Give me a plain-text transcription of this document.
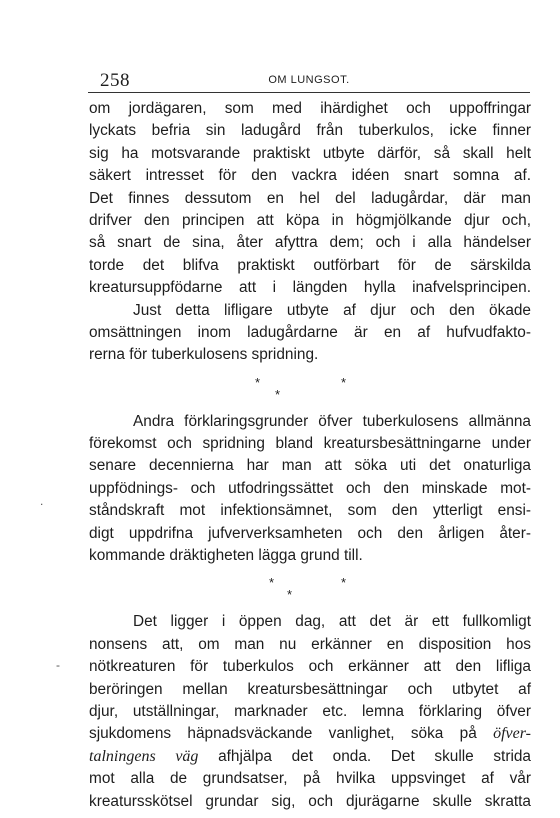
258	OM LUNGSOT.
.
-
om jordägaren, som med ihärdighet och uppoffringar
lyckats befria sin ladugård från tuberkulos, icke finner
sig ha motsvarande praktiskt utbyte därför, så skall helt
säkert intresset för den vackra idéen snart somna af.
Det finnes dessutom en hel del ladugårdar, där man
drifver den principen att köpa in högmjölkande djur och,
så snart de sina, åter afyttra dem; och i alla händelser
torde det blifva praktiskt outförbart för de särskilda
kreatursuppfödarne att i längden hylla inafvelsprincipen.
Just detta lifligare utbyte af djur och den ökade
omsättningen inom ladugårdarne är en af hufvudfakto-
rerna för tuberkulosens spridning.
*
*
*
Andra förklaringsgrunder öfver tuberkulosens allmänna
förekomst och spridning bland kreatursbesättningarne under
senare decennierna har man att söka uti det onaturliga
uppfödnings- och utfodringssättet och den minskade mot-
ståndskraft mot infektionsämnet, som den ytterligt ensi-
digt uppdrifna jufververksamheten och den årligen åter-
kommande dräktigheten lägga grund till.
*
*
*
Det ligger i öppen dag, att det är ett fullkomligt
nonsens att, om man nu erkänner en disposition hos
nötkreaturen för tuberkulos och erkänner att den lifliga
beröringen mellan kreatursbesättningar och utbytet af
djur, utställningar, marknader etc. lemna förklaring öfver
sjukdomens häpnadsväckande vanlighet, söka på öfver-
talningens väg afhjälpa det onda. Det skulle strida
mot alla de grundsatser, på hvilka uppsvinget af vår
kreatursskötsel grundar sig, och djurägarne skulle skratta
